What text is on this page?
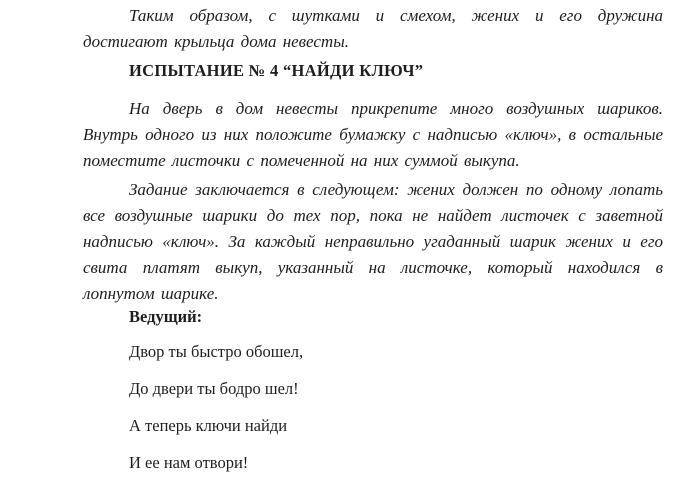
Таким образом, с шутками и смехом, жених и его дружина достигают крыльца дома невесты.

ИСПЫТАНИЕ № 4 “НАЙДИ КЛЮЧ”

На дверь в дом невесты прикрепите много воздушных шариков. Внутрь одного из них положите бумажку с надписью «ключ», в остальные поместите листочки с помеченной на них суммой выкупа.

Задание заключается в следующем: жених должен по одному лопать все воздушные шарики до тех пор, пока не найдет листочек с заветной надписью «ключ». За каждый неправильно угаданный шарик жених и его свита платят выкуп, указанный на листочке, который находился в лопнутом шарике.

Ведущий:

Двор ты быстро обошел,

До двери ты бодро шел!

А теперь ключи найди

И ее нам отвори!
